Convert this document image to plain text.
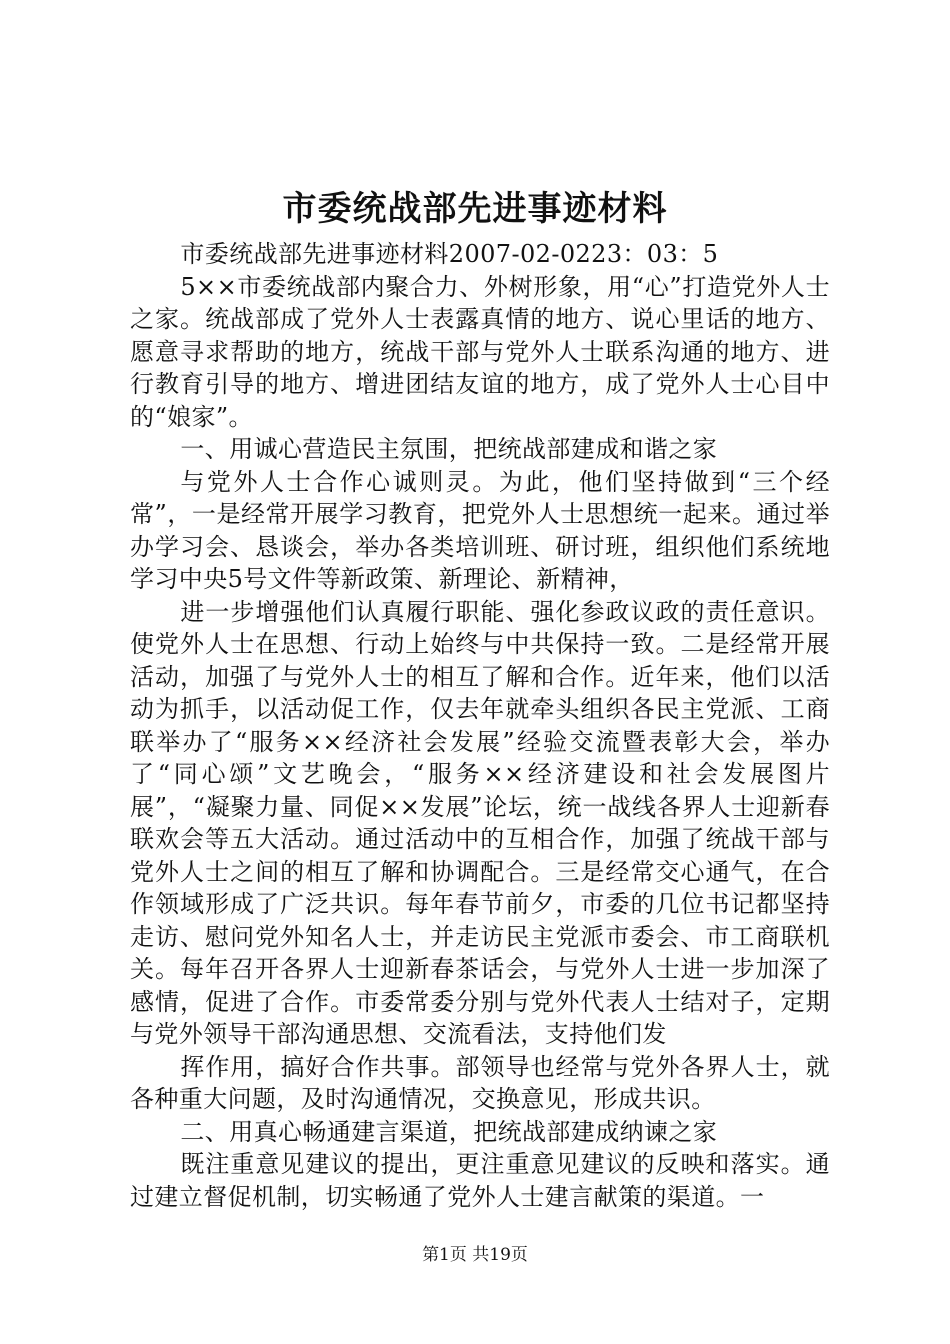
市委统战部先进事迹材料

市委统战部先进事迹材料2007-02-0223：03：5

5××市委统战部内聚合力、外树形象，用“心”打造党外人士之家。统战部成了党外人士表露真情的地方、说心里话的地方、愿意寻求帮助的地方，统战干部与党外人士联系沟通的地方、进行教育引导的地方、增进团结友谊的地方，成了党外人士心目中的“娘家”。

一、用诚心营造民主氛围，把统战部建成和谐之家

与党外人士合作心诚则灵。为此，他们坚持做到“三个经常”，一是经常开展学习教育，把党外人士思想统一起来。通过举办学习会、恳谈会，举办各类培训班、研讨班，组织他们系统地学习中央5号文件等新政策、新理论、新精神，

进一步增强他们认真履行职能、强化参政议政的责任意识。使党外人士在思想、行动上始终与中共保持一致。二是经常开展活动，加强了与党外人士的相互了解和合作。近年来，他们以活动为抓手，以活动促工作，仅去年就牵头组织各民主党派、工商联举办了“服务××经济社会发展”经验交流暨表彰大会，举办了“同心颂”文艺晚会，“服务××经济建设和社会发展图片展”，“凝聚力量、同促××发展”论坛，统一战线各界人士迎新春联欢会等五大活动。通过活动中的互相合作，加强了统战干部与党外人士之间的相互了解和协调配合。三是经常交心通气，在合作领域形成了广泛共识。每年春节前夕，市委的几位书记都坚持走访、慰问党外知名人士，并走访民主党派市委会、市工商联机关。每年召开各界人士迎新春茶话会，与党外人士进一步加深了感情，促进了合作。市委常委分别与党外代表人士结对子，定期与党外领导干部沟通思想、交流看法，支持他们发

挥作用，搞好合作共事。部领导也经常与党外各界人士，就各种重大问题，及时沟通情况，交换意见，形成共识。

二、用真心畅通建言渠道，把统战部建成纳谏之家

既注重意见建议的提出，更注重意见建议的反映和落实。通过建立督促机制，切实畅通了党外人士建言献策的渠道。一

第1页 共19页
